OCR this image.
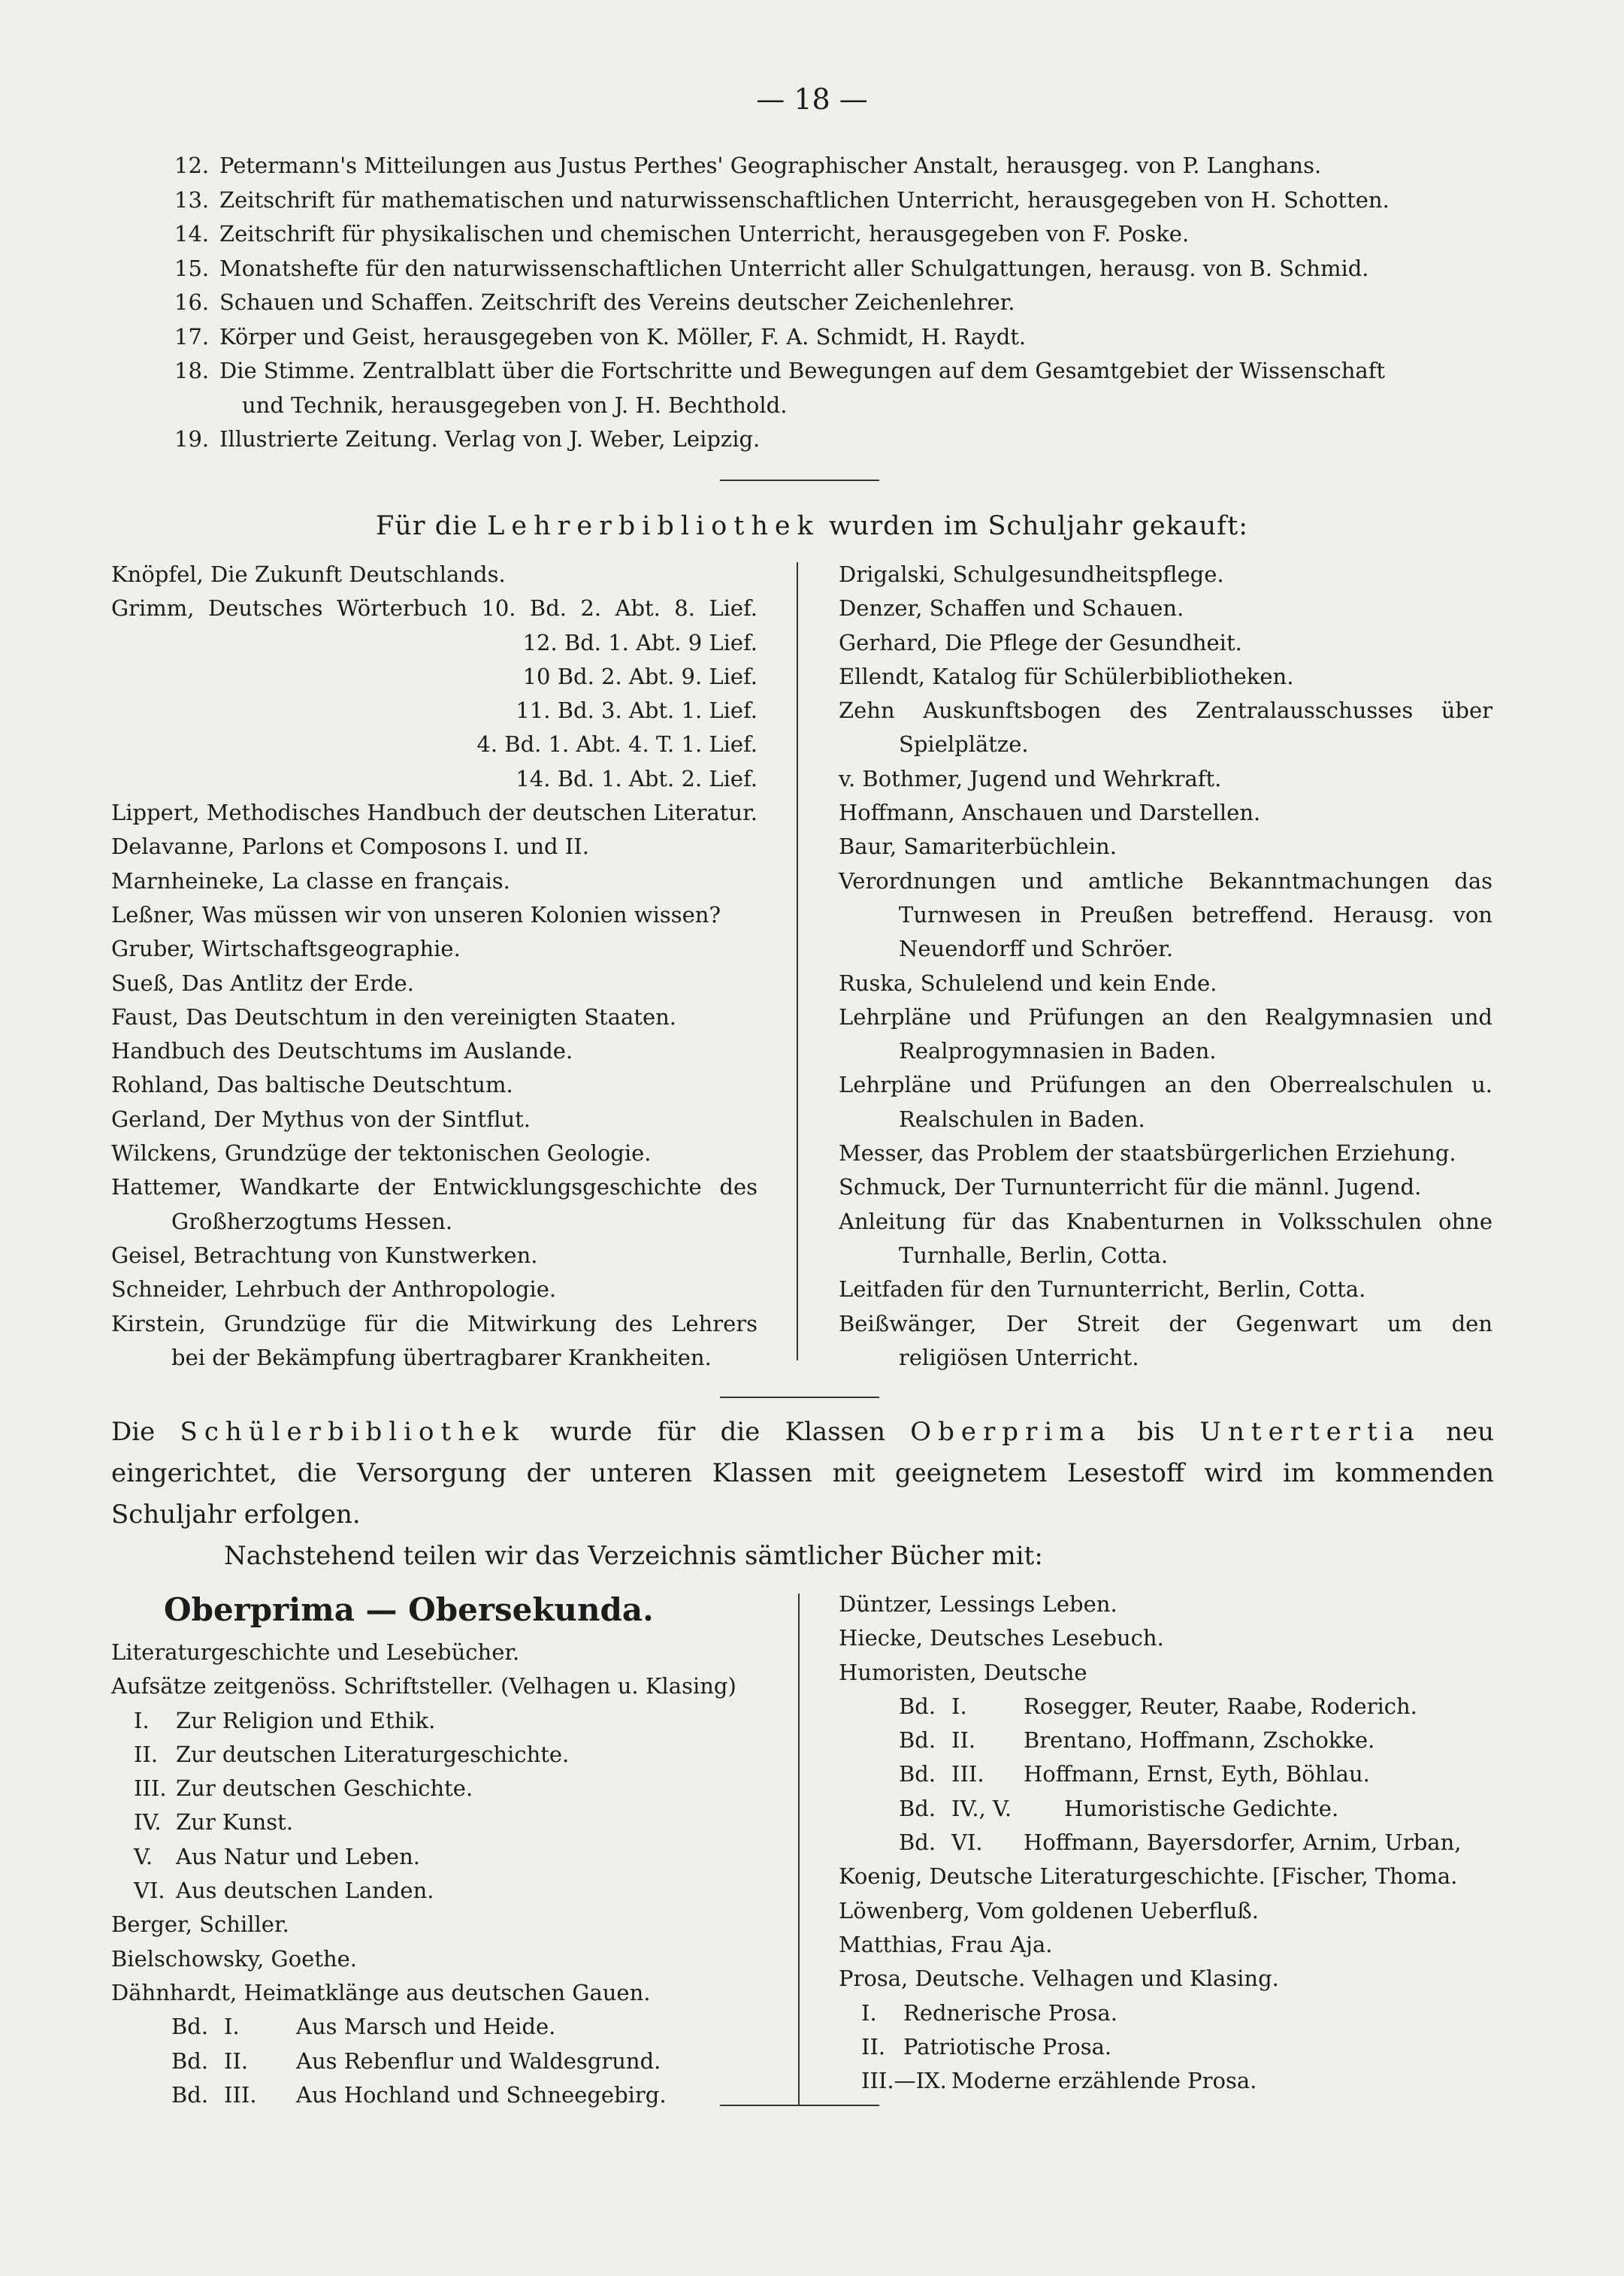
— 18 —
12. Petermann's Mitteilungen aus Justus Perthes' Geographischer Anstalt, herausgeg. von P. Langhans.
13. Zeitschrift für mathematischen und naturwissenschaftlichen Unterricht, herausgegeben von H. Schotten.
14. Zeitschrift für physikalischen und chemischen Unterricht, herausgegeben von F. Poske.
15. Monatshefte für den naturwissenschaftlichen Unterricht aller Schulgattungen, herausg. von B. Schmid.
16. Schauen und Schaffen. Zeitschrift des Vereins deutscher Zeichenlehrer.
17. Körper und Geist, herausgegeben von K. Möller, F. A. Schmidt, H. Raydt.
18. Die Stimme. Zentralblatt über die Fortschritte und Bewegungen auf dem Gesamtgebiet der Wissenschaft
und Technik, herausgegeben von J. H. Bechthold.
19. Illustrierte Zeitung. Verlag von J. Weber, Leipzig.
Für die Lehrerbibliothek wurden im Schuljahr gekauft:
Knöpfel, Die Zukunft Deutschlands.
Grimm, Deutsches Wörterbuch 10. Bd. 2. Abt. 8. Lief.
12. Bd. 1. Abt. 9 Lief.
10 Bd. 2. Abt. 9. Lief.
11. Bd. 3. Abt. 1. Lief.
4. Bd. 1. Abt. 4. T. 1. Lief.
14. Bd. 1. Abt. 2. Lief.
Lippert, Methodisches Handbuch der deutschen Literatur.
Delavanne, Parlons et Composons I. und II.
Marnheineke, La classe en français.
Leßner, Was müssen wir von unseren Kolonien wissen?
Gruber, Wirtschaftsgeographie.
Sueß, Das Antlitz der Erde.
Faust, Das Deutschtum in den vereinigten Staaten.
Handbuch des Deutschtums im Auslande.
Rohland, Das baltische Deutschtum.
Gerland, Der Mythus von der Sintflut.
Wilckens, Grundzüge der tektonischen Geologie.
Hattemer, Wandkarte der Entwicklungsgeschichte des
Großherzogtums Hessen.
Geisel, Betrachtung von Kunstwerken.
Schneider, Lehrbuch der Anthropologie.
Kirstein, Grundzüge für die Mitwirkung des Lehrers
bei der Bekämpfung übertragbarer Krankheiten.
Drigalski, Schulgesundheitspflege.
Denzer, Schaffen und Schauen.
Gerhard, Die Pflege der Gesundheit.
Ellendt, Katalog für Schülerbibliotheken.
Zehn Auskunftsbogen des Zentralausschusses über
Spielplätze.
v. Bothmer, Jugend und Wehrkraft.
Hoffmann, Anschauen und Darstellen.
Baur, Samariterbüchlein.
Verordnungen und amtliche Bekanntmachungen das
Turnwesen in Preußen betreffend. Herausg. von
Neuendorff und Schröer.
Ruska, Schulelend und kein Ende.
Lehrpläne und Prüfungen an den Realgymnasien und
Realprogymnasien in Baden.
Lehrpläne und Prüfungen an den Oberrealschulen u.
Realschulen in Baden.
Messer, das Problem der staatsbürgerlichen Erziehung.
Schmuck, Der Turnunterricht für die männl. Jugend.
Anleitung für das Knabenturnen in Volksschulen ohne
Turnhalle, Berlin, Cotta.
Leitfaden für den Turnunterricht, Berlin, Cotta.
Beißwänger, Der Streit der Gegenwart um den
religiösen Unterricht.
Die Schülerbibliothek wurde für die Klassen Oberprima bis Untertertia neu
eingerichtet, die Versorgung der unteren Klassen mit geeignetem Lesestoff wird im kommenden
Schuljahr erfolgen.
Nachstehend teilen wir das Verzeichnis sämtlicher Bücher mit:
Oberprima — Obersekunda.
Literaturgeschichte und Lesebücher.
Aufsätze zeitgenöss. Schriftsteller. (Velhagen u. Klasing)
I. Zur Religion und Ethik.
II. Zur deutschen Literaturgeschichte.
III. Zur deutschen Geschichte.
IV. Zur Kunst.
V. Aus Natur und Leben.
VI. Aus deutschen Landen.
Berger, Schiller.
Bielschowsky, Goethe.
Dähnhardt, Heimatklänge aus deutschen Gauen.
Bd. I.	Aus Marsch und Heide.
Bd. II. Aus Rebenflur und Waldesgrund.
Bd. III. Aus Hochland und Schneegebirg.
Düntzer, Lessings Leben.
Hiecke, Deutsches Lesebuch.
Humoristen, Deutsche
Bd. I.	Rosegger, Reuter, Raabe, Roderich.
Bd. II. Brentano, Hoffmann, Zschokke.
Bd. III. Hoffmann, Ernst, Eyth, Böhlau.
Bd. IV., V. Humoristische Gedichte.
Bd. VI. Hoffmann, Bayersdorfer, Arnim, Urban,
Koenig, Deutsche Literaturgeschichte. [Fischer, Thoma.
Löwenberg, Vom goldenen Ueberfluß.
Matthias, Frau Aja.
Prosa, Deutsche. Velhagen und Klasing.
I. Rednerische Prosa.
II. Patriotische Prosa.
III.—IX. Moderne erzählende Prosa.
